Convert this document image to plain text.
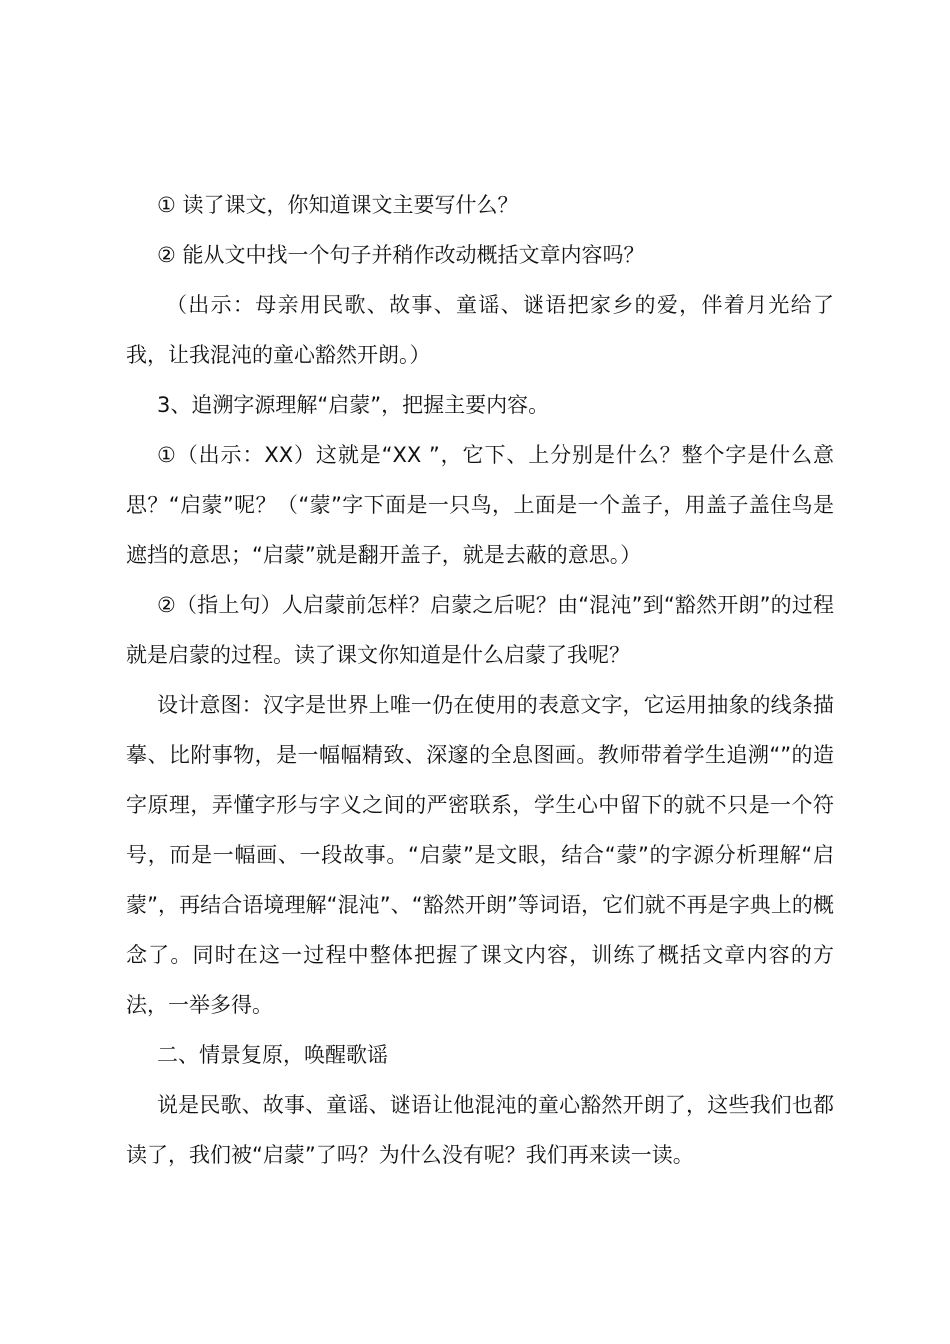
① 读了课文，你知道课文主要写什么？

② 能从文中找一个句子并稍作改动概括文章内容吗？

（出示：母亲用民歌、故事、童谣、谜语把家乡的爱，伴着月光给了我，让我混沌的童心豁然开朗。）

3、追溯字源理解“启蒙”，把握主要内容。

①（出示：XX）这就是“XX ”，它下、上分别是什么？整个字是什么意思？“启蒙”呢？（“蒙”字下面是一只鸟，上面是一个盖子，用盖子盖住鸟是遮挡的意思；“启蒙”就是翻开盖子，就是去蔽的意思。）

②（指上句）人启蒙前怎样？启蒙之后呢？由“混沌”到“豁然开朗”的过程就是启蒙的过程。读了课文你知道是什么启蒙了我呢？

设计意图：汉字是世界上唯一仍在使用的表意文字，它运用抽象的线条描摹、比附事物，是一幅幅精致、深邃的全息图画。教师带着学生追溯“”的造字原理，弄懂字形与字义之间的严密联系，学生心中留下的就不只是一个符号，而是一幅画、一段故事。“启蒙”是文眼，结合“蒙”的字源分析理解“启蒙”，再结合语境理解“混沌”、“豁然开朗”等词语，它们就不再是字典上的概念了。同时在这一过程中整体把握了课文内容，训练了概括文章内容的方法，一举多得。

二、情景复原，唤醒歌谣

说是民歌、故事、童谣、谜语让他混沌的童心豁然开朗了，这些我们也都读了，我们被“启蒙”了吗？为什么没有呢？我们再来读一读。
